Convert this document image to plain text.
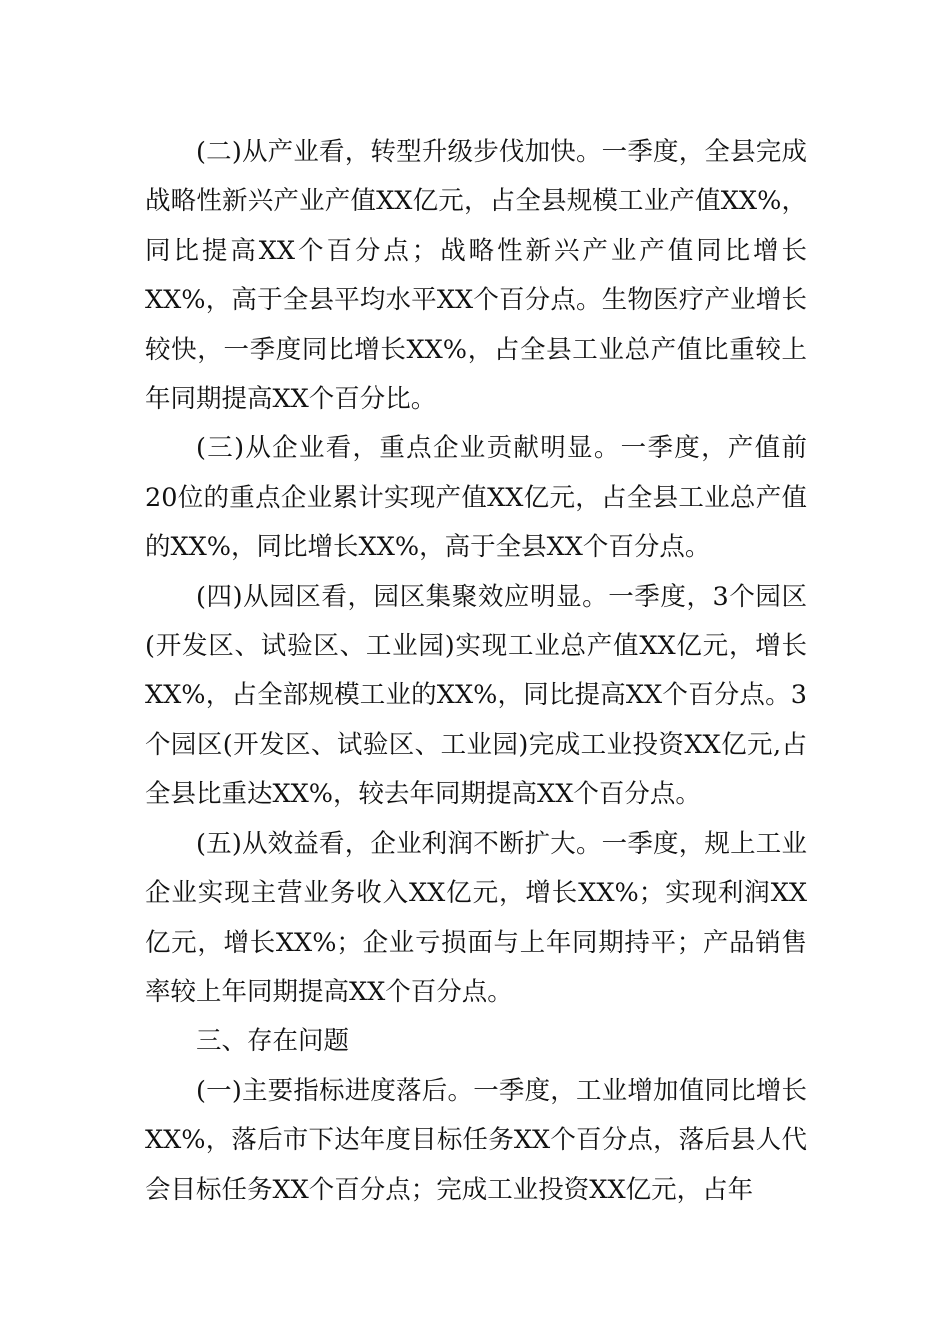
(二)从产业看，转型升级步伐加快。一季度，全县完成战略性新兴产业产值XX亿元，占全县规模工业产值XX%，同比提高XX个百分点；战略性新兴产业产值同比增长XX%，高于全县平均水平XX个百分点。生物医疗产业增长较快，一季度同比增长XX%，占全县工业总产值比重较上年同期提高XX个百分比。

(三)从企业看，重点企业贡献明显。一季度，产值前20位的重点企业累计实现产值XX亿元，占全县工业总产值的XX%，同比增长XX%，高于全县XX个百分点。

(四)从园区看，园区集聚效应明显。一季度，3个园区(开发区、试验区、工业园)实现工业总产值XX亿元，增长XX%，占全部规模工业的XX%，同比提高XX个百分点。3个园区(开发区、试验区、工业园)完成工业投资XX亿元,占全县比重达XX%，较去年同期提高XX个百分点。

(五)从效益看，企业利润不断扩大。一季度，规上工业企业实现主营业务收入XX亿元，增长XX%；实现利润XX亿元，增长XX%；企业亏损面与上年同期持平；产品销售率较上年同期提高XX个百分点。

三、存在问题

(一)主要指标进度落后。一季度，工业增加值同比增长XX%，落后市下达年度目标任务XX个百分点，落后县人代会目标任务XX个百分点；完成工业投资XX亿元，占年
